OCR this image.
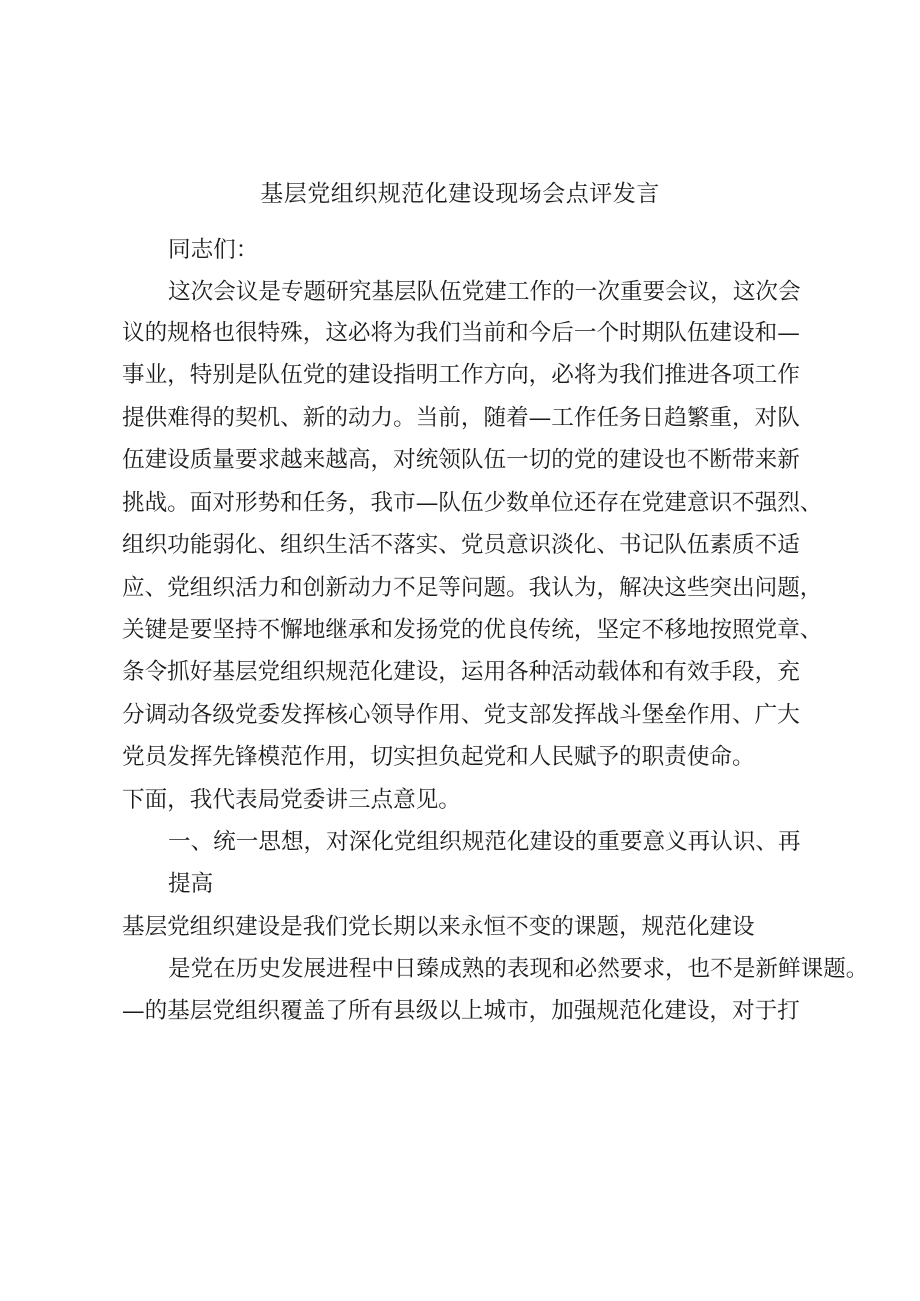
基层党组织规范化建设现场会点评发言
同志们：
这次会议是专题研究基层队伍党建工作的一次重要会议，这次会
议的规格也很特殊，这必将为我们当前和今后一个时期队伍建设和—
事业，特别是队伍党的建设指明工作方向，必将为我们推进各项工作
提供难得的契机、新的动力。当前，随着—工作任务日趋繁重，对队
伍建设质量要求越来越高，对统领队伍一切的党的建设也不断带来新
挑战。面对形势和任务，我市—队伍少数单位还存在党建意识不强烈、
组织功能弱化、组织生活不落实、党员意识淡化、书记队伍素质不适
应、党组织活力和创新动力不足等问题。我认为，解决这些突出问题，
关键是要坚持不懈地继承和发扬党的优良传统，坚定不移地按照党章、
条令抓好基层党组织规范化建设，运用各种活动载体和有效手段，充
分调动各级党委发挥核心领导作用、党支部发挥战斗堡垒作用、广大
党员发挥先锋模范作用，切实担负起党和人民赋予的职责使命。
下面，我代表局党委讲三点意见。
一、统一思想，对深化党组织规范化建设的重要意义再认识、再
提高
基层党组织建设是我们党长期以来永恒不变的课题，规范化建设
是党在历史发展进程中日臻成熟的表现和必然要求，也不是新鲜课题。
—的基层党组织覆盖了所有县级以上城市，加强规范化建设，对于打
